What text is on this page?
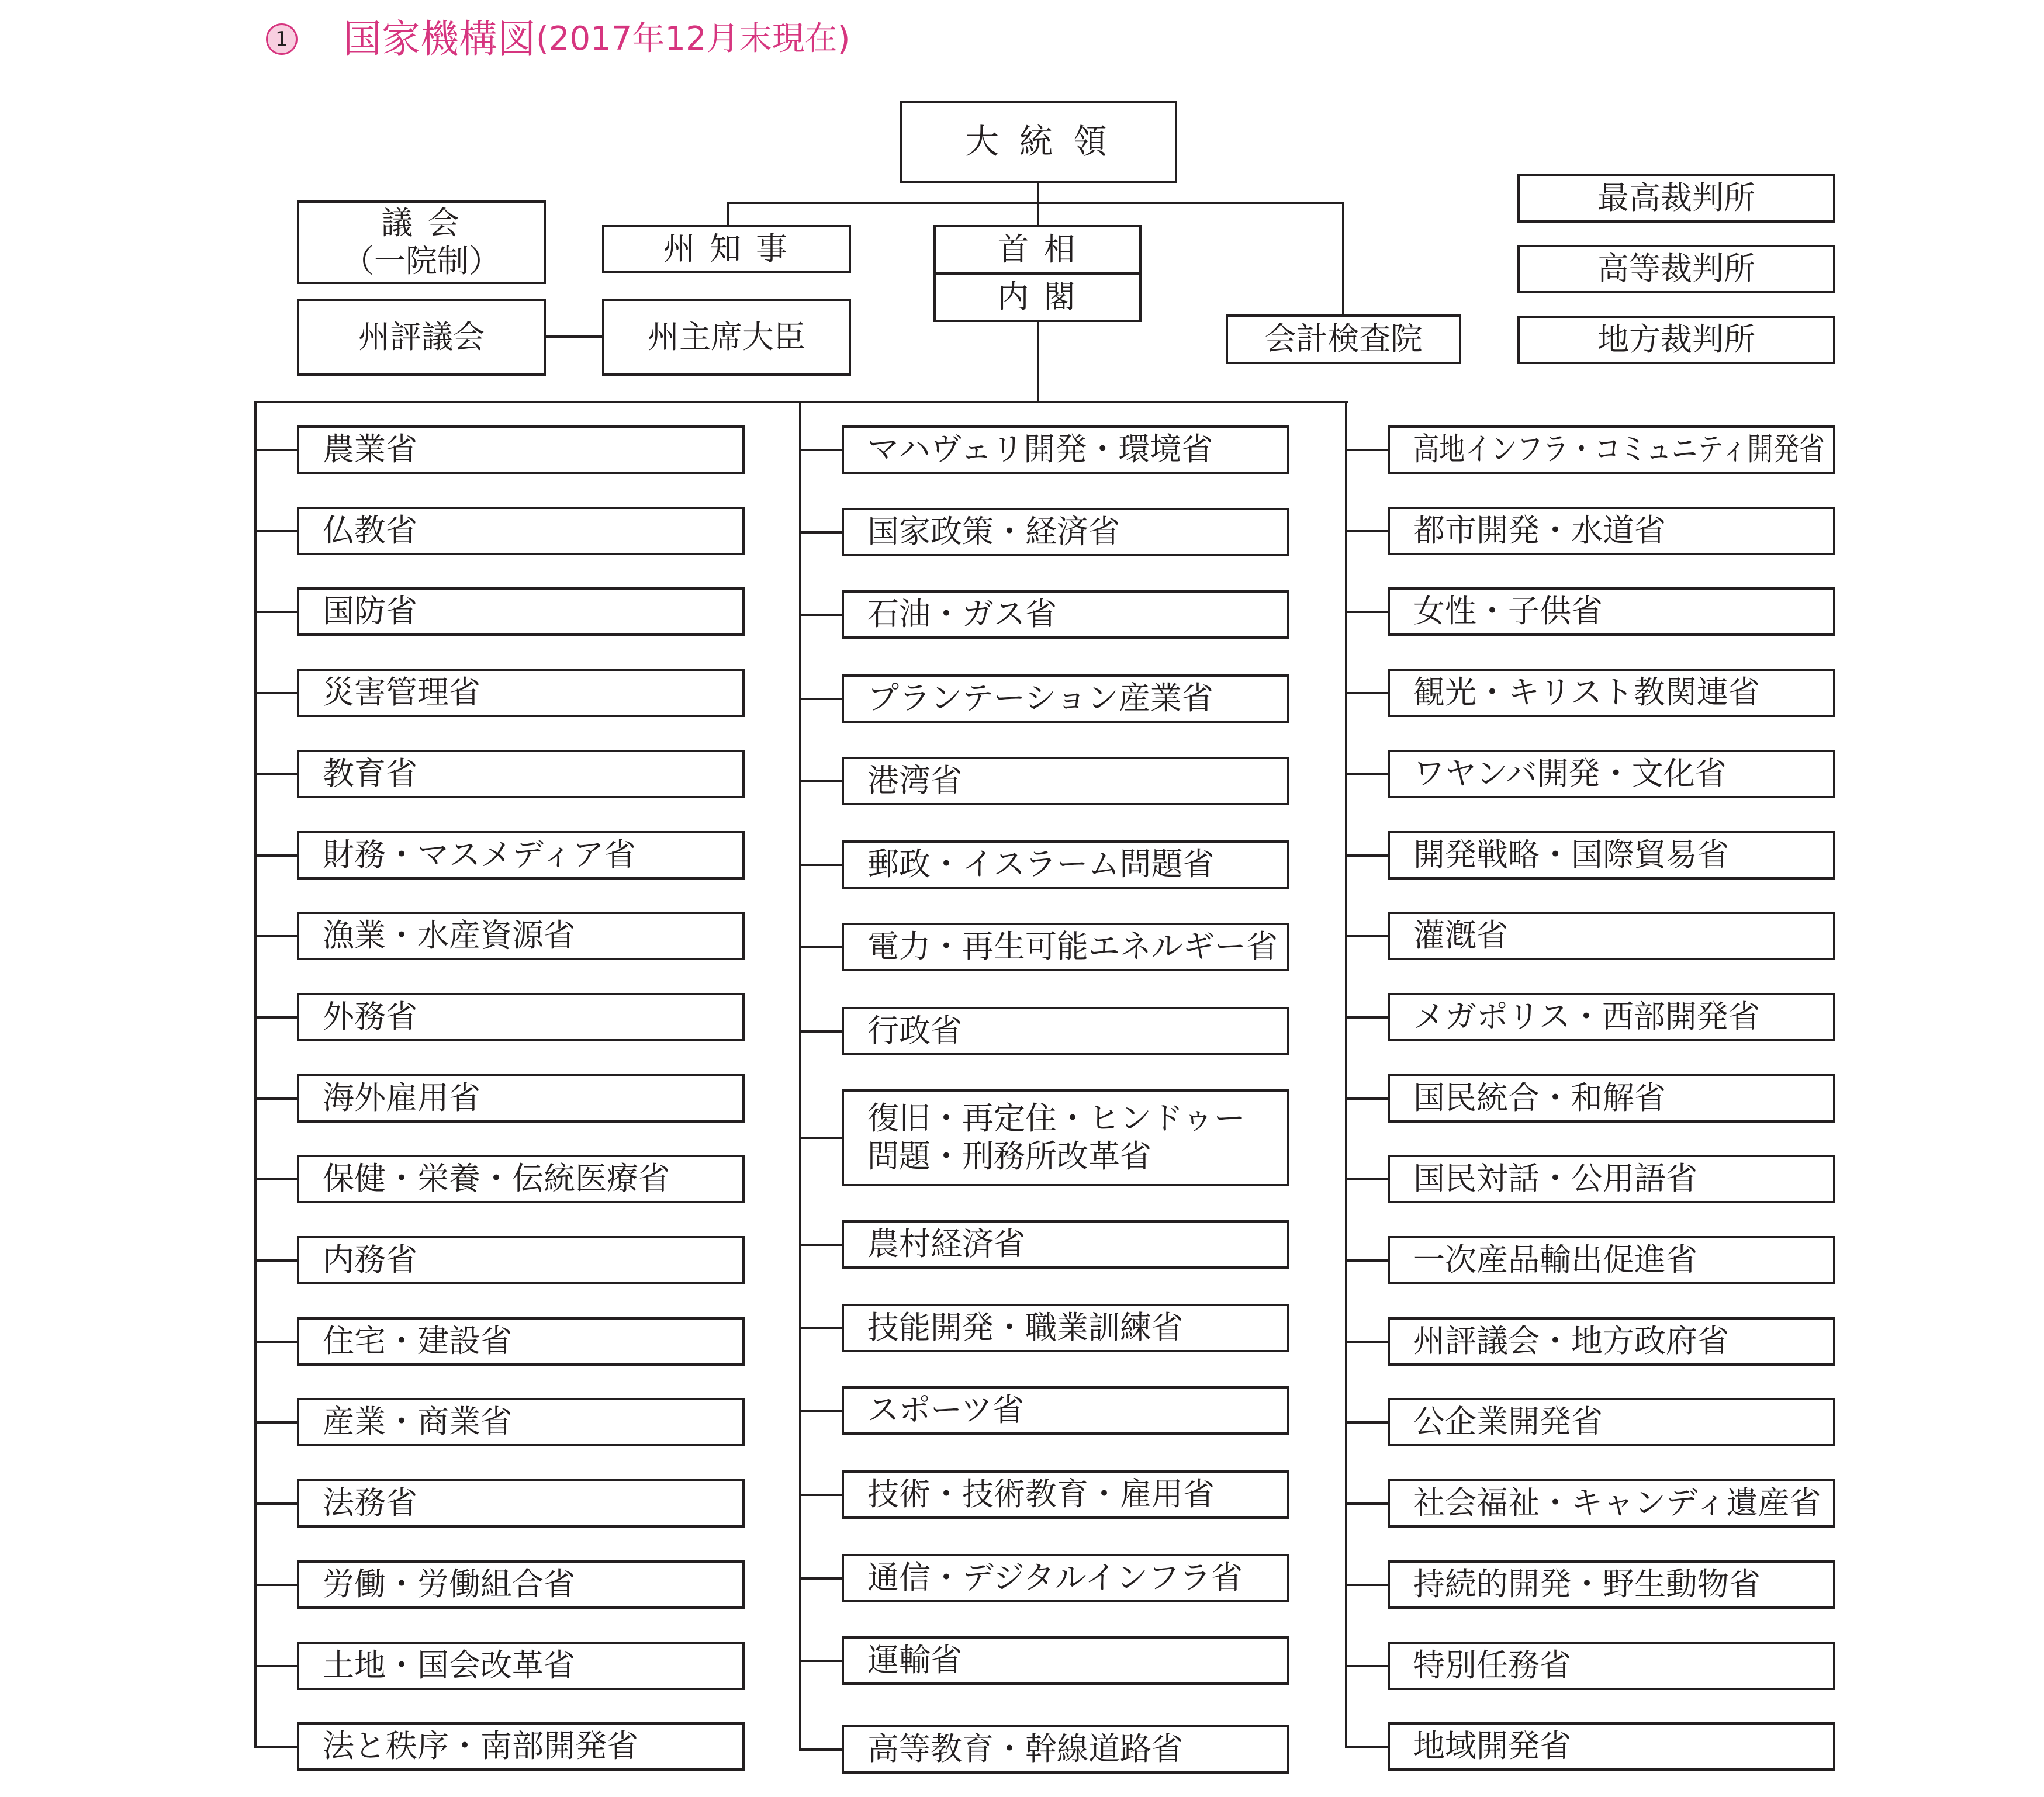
1 国家機構図 (2017年12月末現在)
大 統 領
議 会
（一院制）
州評議会
州 知 事
州主席大臣
首 相
内 閣
会計検査院
最高裁判所
高等裁判所
地方裁判所
農業省
仏教省
国防省
災害管理省
教育省
財務・マスメディア省
漁業・水産資源省
外務省
海外雇用省
保健・栄養・伝統医療省
内務省
住宅・建設省
産業・商業省
法務省
労働・労働組合省
土地・国会改革省
法と秩序・南部開発省
マハヴェリ開発・環境省
国家政策・経済省
石油・ガス省
プランテーション産業省
港湾省
郵政・イスラーム問題省
電力・再生可能エネルギー省
行政省
復旧・再定住・ヒンドゥー
問題・刑務所改革省
農村経済省
技能開発・職業訓練省
スポーツ省
技術・技術教育・雇用省
通信・デジタルインフラ省
運輸省
高等教育・幹線道路省
高地インフラ・コミュニティ開発省
都市開発・水道省
女性・子供省
観光・キリスト教関連省
ワヤンバ開発・文化省
開発戦略・国際貿易省
灌漑省
メガポリス・西部開発省
国民統合・和解省
国民対話・公用語省
一次産品輸出促進省
州評議会・地方政府省
公企業開発省
社会福祉・キャンディ遺産省
持続的開発・野生動物省
特別任務省
地域開発省
